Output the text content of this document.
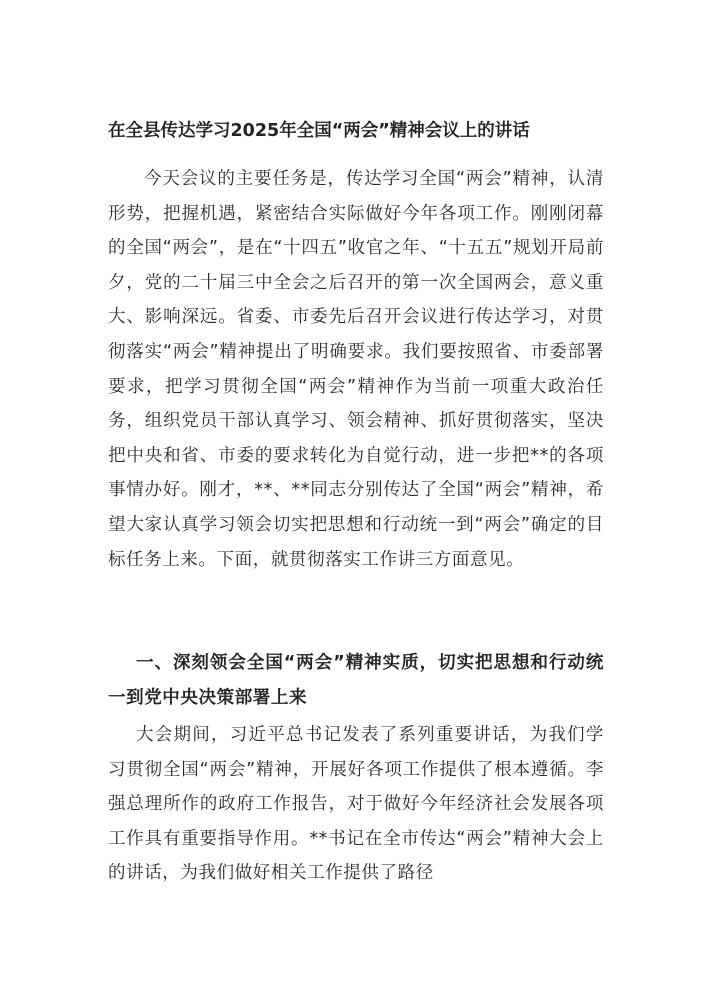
在全县传达学习2025年全国“两会”精神会议上的讲话
今天会议的主要任务是，传达学习全国“两会”精神，认清形势，把握机遇，紧密结合实际做好今年各项工作。刚刚闭幕的全国“两会”，是在“十四五”收官之年、“十五五”规划开局前夕，党的二十届三中全会之后召开的第一次全国两会，意义重大、影响深远。省委、市委先后召开会议进行传达学习，对贯彻落实“两会”精神提出了明确要求。我们要按照省、市委部署要求，把学习贯彻全国“两会”精神作为当前一项重大政治任务，组织党员干部认真学习、领会精神、抓好贯彻落实，坚决把中央和省、市委的要求转化为自觉行动，进一步把**的各项事情办好。刚才，**、**同志分别传达了全国“两会”精神，希望大家认真学习领会切实把思想和行动统一到“两会”确定的目标任务上来。下面，就贯彻落实工作讲三方面意见。
一、深刻领会全国“两会”精神实质，切实把思想和行动统一到党中央决策部署上来
大会期间，习近平总书记发表了系列重要讲话，为我们学习贯彻全国“两会”精神，开展好各项工作提供了根本遵循。李强总理所作的政府工作报告，对于做好今年经济社会发展各项工作具有重要指导作用。**书记在全市传达“两会”精神大会上的讲话，为我们做好相关工作提供了路径
